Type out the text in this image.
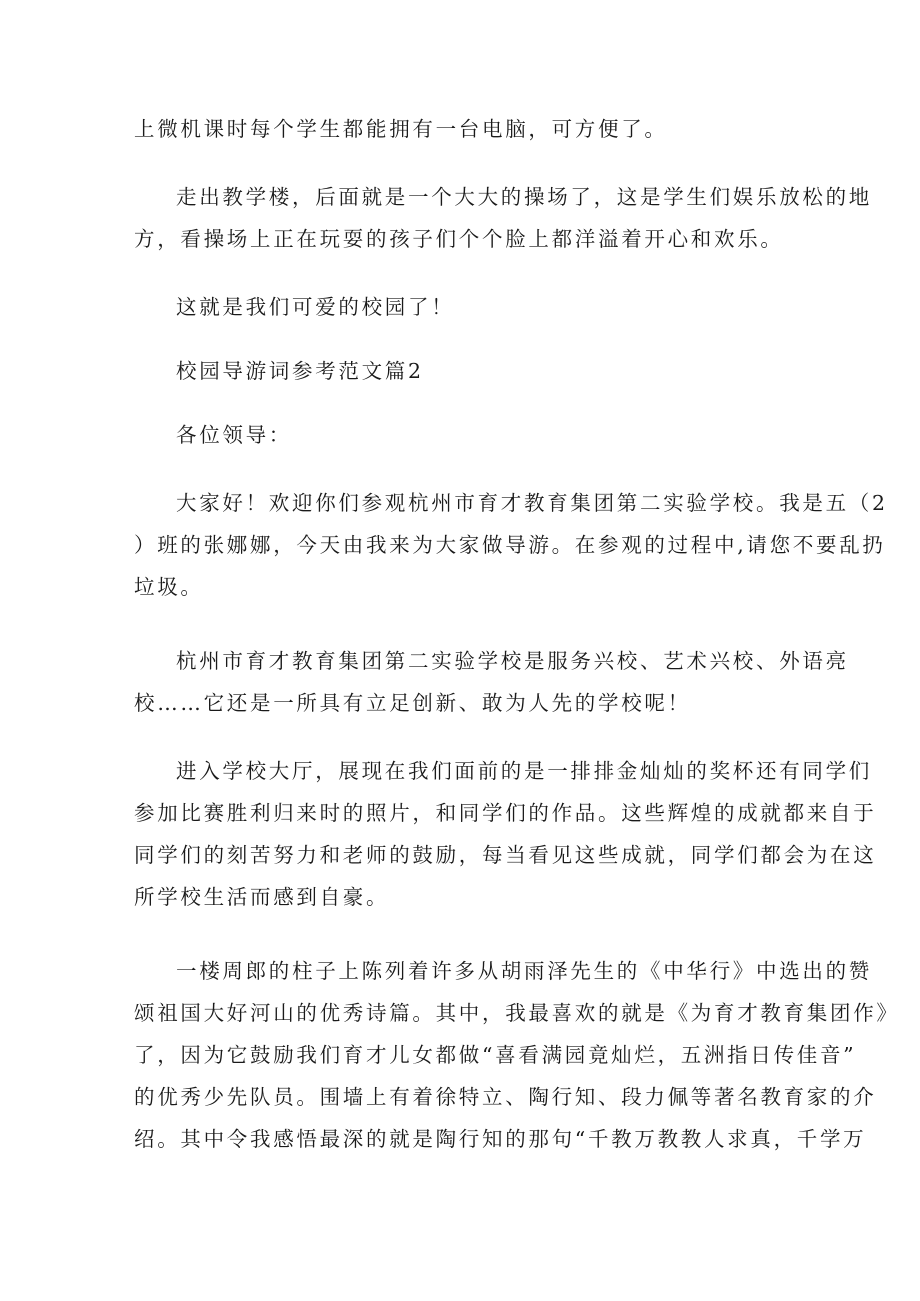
上微机课时每个学生都能拥有一台电脑，可方便了。

走出教学楼，后面就是一个大大的操场了，这是学生们娱乐放松的地
方，看操场上正在玩耍的孩子们个个脸上都洋溢着开心和欢乐。

这就是我们可爱的校园了！

校园导游词参考范文篇2

各位领导：

大家好！欢迎你们参观杭州市育才教育集团第二实验学校。我是五（2
）班的张娜娜，今天由我来为大家做导游。在参观的过程中,请您不要乱扔
垃圾。

杭州市育才教育集团第二实验学校是服务兴校、艺术兴校、外语亮
校……它还是一所具有立足创新、敢为人先的学校呢！

进入学校大厅，展现在我们面前的是一排排金灿灿的奖杯还有同学们
参加比赛胜利归来时的照片，和同学们的作品。这些辉煌的成就都来自于
同学们的刻苦努力和老师的鼓励，每当看见这些成就，同学们都会为在这
所学校生活而感到自豪。

一楼周郎的柱子上陈列着许多从胡雨泽先生的《中华行》中选出的赞
颂祖国大好河山的优秀诗篇。其中，我最喜欢的就是《为育才教育集团作》
了，因为它鼓励我们育才儿女都做“喜看满园竟灿烂，五洲指日传佳音”
的优秀少先队员。围墙上有着徐特立、陶行知、段力佩等著名教育家的介
绍。其中令我感悟最深的就是陶行知的那句“千教万教教人求真，千学万
